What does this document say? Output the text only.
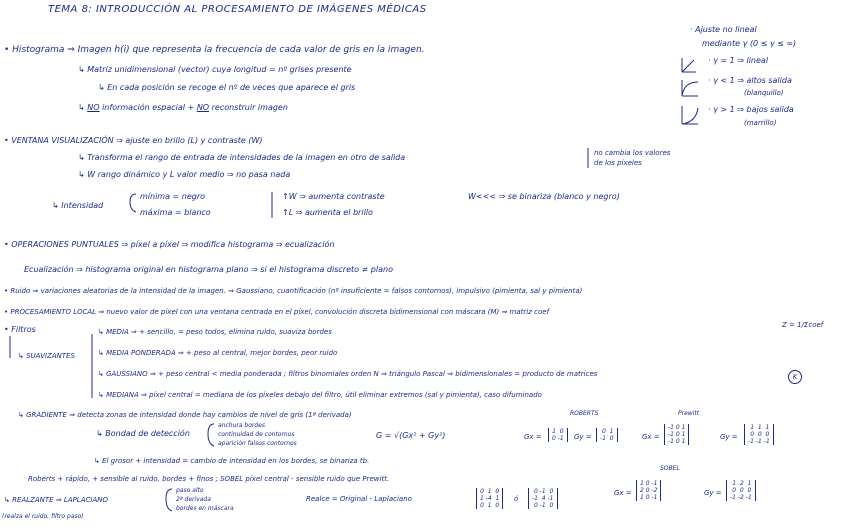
TEMA 8: INTRODUCCIÓN AL PROCESAMIENTO DE IMÁGENES MÉDICAS
• Histograma ⇒ Imagen h(i) que representa la frecuencia de cada valor de gris en la imagen.
↳ Matriz unidimensional (vector) cuya longitud = nº grises presente
↳ En cada posición se recoge el nº de veces que aparece el gris
↳ NO información espacial + NO reconstruir imagen
· Ajuste no lineal
mediante γ (0 ≤ γ ≤ ∞)
· γ = 1 ⇒ lineal
· γ < 1 ⇒ altos salida
(blanquillo)
· γ > 1 ⇒ bajos salida
(marrillo)
• VENTANA VISUALIZACIÓN ⇒ ajuste en brillo (L) y contraste (W)
↳ Transforma el rango de entrada de intensidades de la imagen en otro de salida	no cambia los valores
de los píxeles
↳ W rango dinámico y L valor medio ⇒ no pasa nada
↳ Intensidad
mínima = negro
máxima = blanco
↑W ⇒ aumenta contraste
↑L ⇒ aumenta el brillo
W<<< ⇒ se binariza (blanco y negro)
• OPERACIONES PUNTUALES ⇒ píxel a píxel ⇒ modifica histograma ⇒ ecualización
Ecualización ⇒ histograma original en histograma plano ⇒ si el histograma discreto ≠ plano
• Ruido ⇒ variaciones aleatorias de la intensidad de la imagen. ⇒ Gaussiano, cuantificación (nº insuficiente = falsos contornos), impulsivo (pimienta, sal y pimienta)
• PROCESAMIENTO LOCAL ⇒ nuevo valor de píxel con una ventana centrada en el píxel, convolución discreta bidimensional con máscara (M) ⇒ matriz coef
Z = 1/Σcoef
• Filtros
↳ SUAVIZANTES
↳ MEDIA ⇒ + sencillo, = peso todos, elimina ruido, suaviza bordes
↳ MEDIA PONDERADA ⇒ + peso al central, mejor bordes, peor ruido
↳ GAUSSIANO ⇒ + peso central < media ponderada ; filtros binomiales orden N ⇒ triángulo Pascal ⇒ bidimensionales = producto de matrices	K
↳ MEDIANA ⇒ píxel central = mediana de los píxeles debajo del filtro, útil eliminar extremos (sal y pimienta), caso difuminado
↳ GRADIENTE ⇒ detecta zonas de intensidad donde hay cambios de nivel de gris (1ª derivada)
↳ Bondad de detección
anchura bordes
continuidad de contornos
aparición falsos contornos
G = √(Gx² + Gy²)
ROBERTS
Gx =
1  0
0 -1	Gy =
0  1
-1  0
Prewitt
Gx =
-1 0 1
-1 0 1
-1 0 1
Gy =
1  1  1
0  0  0
-1 -1 -1
↳ El grosor + intensidad = cambio de intensidad en los bordes, se binariza tb.
Roberts + rápido, + sensible al ruido, bordes + finos ; SOBEL píxel central - sensible ruido que Prewitt.
↳ REALZANTE ⇒ LAPLACIANO
paso alto
2ª derivada
bordes en máscara
(realza el ruido, filtro paso)
Realce = Original - Laplaciano
0  1  0
1 -4  1
0  1  0
ó
0 -1  0
-1  4 -1
0 -1  0
SOBEL
Gx =
1 0 -1
2 0 -2
1 0 -1
Gy =
1  2  1
0  0  0
-1 -2 -1
